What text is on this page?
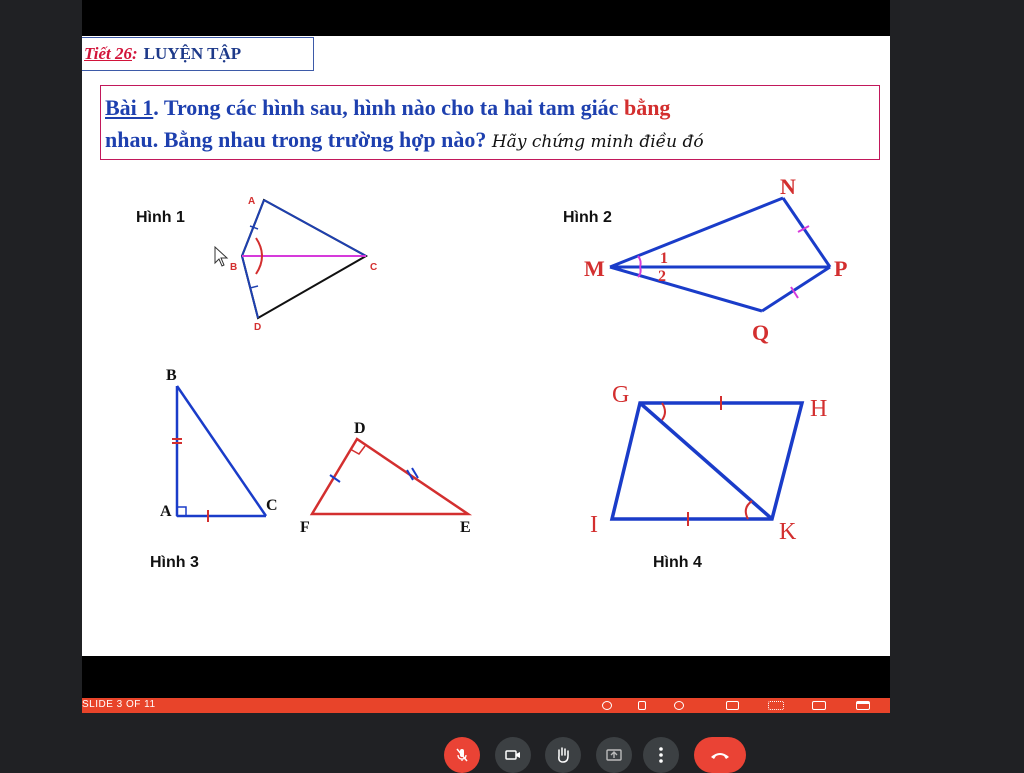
Tiết 26 : LUYỆN TẬP
Bài 1. Trong các hình sau, hình nào cho ta hai tam giác bằng
nhau. Bằng nhau trong trường hợp nào? Hãy chứng minh điều đó
Hình 1	Hình 2
Hình 3	Hình 4
A
B	C
D
M
N
P
Q
1
2
B
A	C
D
F	E
G
H
I	K
SLIDE 3 OF 11
